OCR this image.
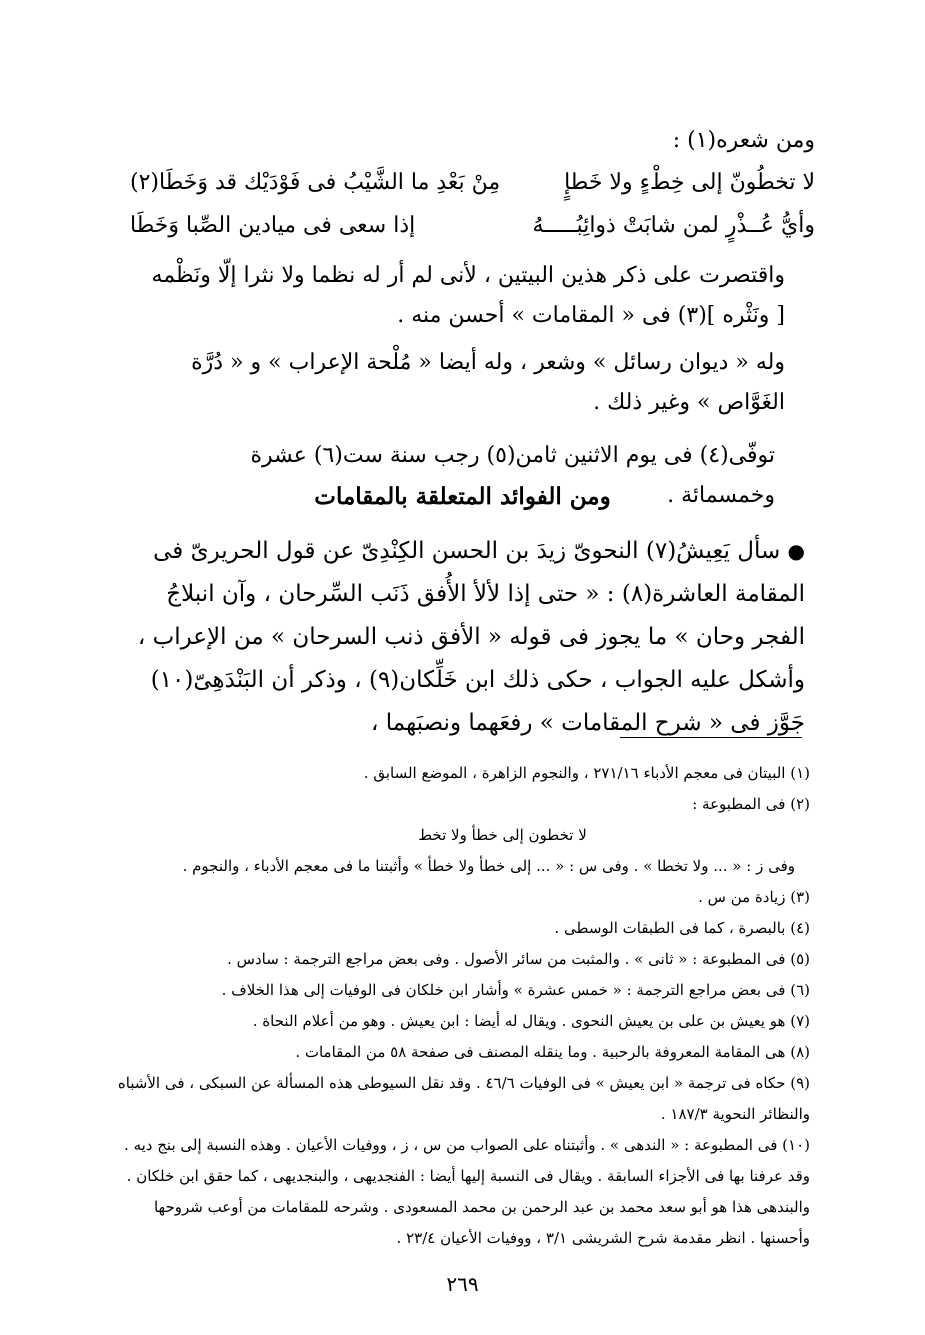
ومن شعره(١) :
لا تخطُونّ إلى خِطْءٍ ولا خَطإٍ
مِنْ بَعْدِ ما الشَّيْبُ فى فَوْدَيْك قد وَخَطَا(٢)
وأيُّ عُــذْرٍ لمن شابَتْ ذوائِبُـــــهُ
إذا سعى فى ميادين الصِّبا وَخَطَا
واقتصرت على ذكر هذين البيتين ، لأنى لم أر له نظما ولا نثرا إلّا ونَظْمه [ ونَثْره ](٣) فى « المقامات » أحسن منه .
وله « ديوان رسائل » وشعر ، وله أيضا « مُلْحة الإعراب » و « دُرَّة الغَوَّاص » وغير ذلك .
توفّى(٤) فى يوم الاثنين ثامن(٥) رجب سنة ست(٦) عشرة وخمسمائة .
ومن الفوائد المتعلقة بالمقامات
● سأل يَعِيشُ(٧) النحوىّ زيدَ بن الحسن الكِنْدِىّ عن قول الحريرىّ فى المقامة العاشرة(٨) : « حتى إذا لألأ الأُفق ذَنَب السِّرحان ، وآن انبلاجُ الفجر وحان » ما يجوز فى قوله « الأفق ذنب السرحان » من الإعراب ، وأشكل عليه الجواب ، حكى ذلك ابن خَلِّكان(٩) ، وذكر أن البَنْدَهِىّ(١٠) جَوَّز فى « شرح المقامات » رفعَهما ونصبَهما ،
(١) البيتان فى معجم الأدباء ٢٧١/١٦ ، والنجوم الزاهرة ، الموضع السابق .
(٢) فى المطبوعة :
لا تخطون إلى خطأ ولا تخط
وفى ز : « ... ولا تخطا » . وفى س : « ... إلى خطأ ولا خطأ » وأثبتنا ما فى معجم الأدباء ، والنجوم .
(٣) زيادة من س .
(٤) بالبصرة ، كما فى الطبقات الوسطى .
(٥) فى المطبوعة : « ثانى » . والمثبت من سائر الأصول . وفى بعض مراجع الترجمة : سادس .
(٦) فى بعض مراجع الترجمة : « خمس عشرة » وأشار ابن خلكان فى الوفيات إلى هذا الخلاف .
(٧) هو يعيش بن على بن يعيش النحوى . ويقال له أيضا : ابن يعيش . وهو من أعلام النحاة .
(٨) هى المقامة المعروفة بالرحبية . وما ينقله المصنف فى صفحة ٥٨ من المقامات .
(٩) حكاه فى ترجمة « ابن يعيش » فى الوفيات ٤٦/٦ . وقد نقل السيوطى هذه المسألة عن السبكى ، فى الأشباه والنظائر النحوية ١٨٧/٣ .
(١٠) فى المطبوعة : « الندهى » . وأثبتناه على الصواب من س ، ز ، ووفيات الأعيان . وهذه النسبة إلى بنج ديه . وقد عرفنا بها فى الأجزاء السابقة . ويقال فى النسبة إليها أيضا : الفنجديهى ، والبنجديهى ، كما حقق ابن خلكان . والبندهى هذا هو أبو سعد محمد بن عبد الرحمن بن محمد المسعودى . وشرحه للمقامات من أوعب شروحها وأحسنها . انظر مقدمة شرح الشريشى ٣/١ ، ووفيات الأعيان ٢٣/٤ .
٢٦٩
